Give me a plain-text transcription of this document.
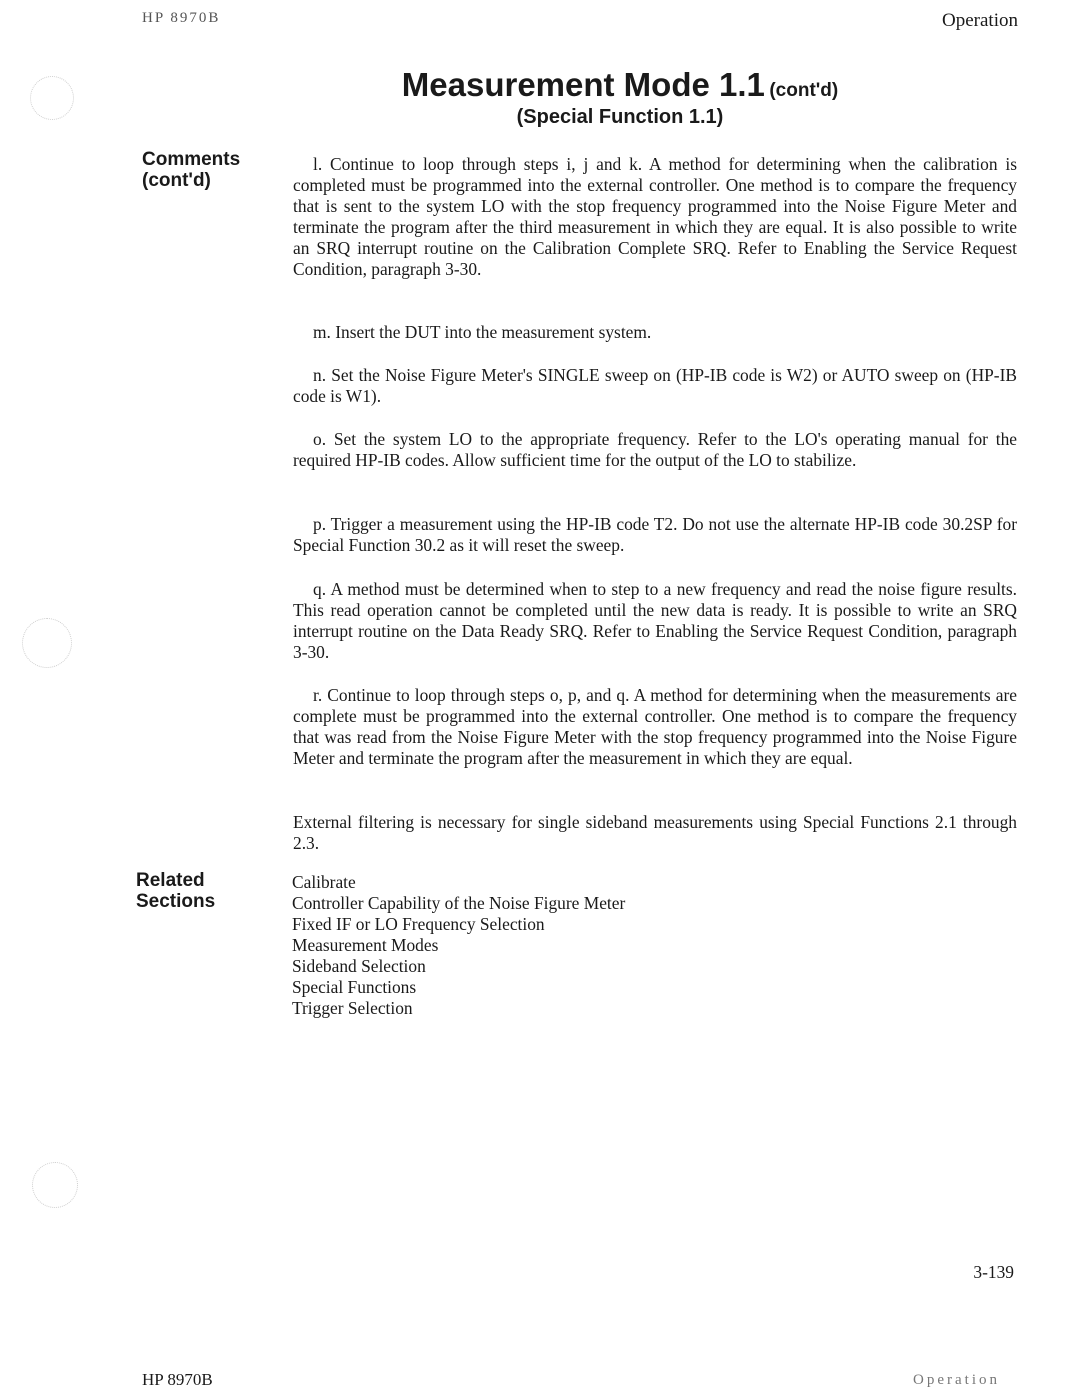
HP 8970B	Operation
Measurement Mode 1.1 (cont'd)
(Special Function 1.1)
Comments
(cont'd)

l. Continue to loop through steps i, j and k. A method for determining when the calibration is completed must be programmed into the external controller. One method is to compare the frequency that is sent to the system LO with the stop frequency programmed into the Noise Figure Meter and terminate the program after the third measurement in which they are equal. It is also possible to write an SRQ interrupt routine on the Calibration Complete SRQ. Refer to Enabling the Service Request Condition, paragraph 3-30.

m. Insert the DUT into the measurement system.

n. Set the Noise Figure Meter's SINGLE sweep on (HP-IB code is W2) or AUTO sweep on (HP-IB code is W1).

o. Set the system LO to the appropriate frequency. Refer to the LO's operating manual for the required HP-IB codes. Allow sufficient time for the output of the LO to stabilize.

p. Trigger a measurement using the HP-IB code T2. Do not use the alternate HP-IB code 30.2SP for Special Function 30.2 as it will reset the sweep.

q. A method must be determined when to step to a new frequency and read the noise figure results. This read operation cannot be completed until the new data is ready. It is possible to write an SRQ interrupt routine on the Data Ready SRQ. Refer to Enabling the Service Request Condition, paragraph 3-30.

r. Continue to loop through steps o, p, and q. A method for determining when the measurements are complete must be programmed into the external controller. One method is to compare the frequency that was read from the Noise Figure Meter with the stop frequency programmed into the Noise Figure Meter and terminate the program after the measurement in which they are equal.

External filtering is necessary for single sideband measurements using Special Functions 2.1 through 2.3.

Related
Sections
Calibrate
Controller Capability of the Noise Figure Meter
Fixed IF or LO Frequency Selection
Measurement Modes
Sideband Selection
Special Functions
Trigger Selection
3-139
HP 8970B	Operation
